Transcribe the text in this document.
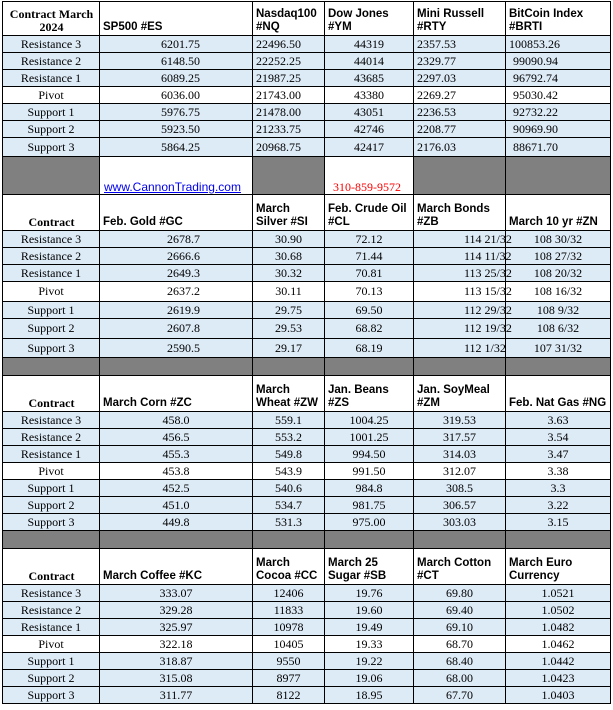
Contract March 2024	SP500 #ES	Nasdaq100 #NQ	Dow Jones #YM	Mini Russell #RTY	BitCoin Index #BRTI
Resistance 3	6201.75	22496.50	44319	2357.53	100853.26
Resistance 2	6148.50	22252.25	44014	2329.77	99090.94
Resistance 1	6089.25	21987.25	43685	2297.03	96792.74
Pivot	6036.00	21743.00	43380	2269.27	95030.42
Support 1	5976.75	21478.00	43051	2236.53	92732.22
Support 2	5923.50	21233.75	42746	2208.77	90969.90
Support 3	5864.25	20968.75	42417	2176.03	88671.70
	www.CannonTrading.com		310-859-9572		
Contract	Feb. Gold #GC	March Silver #SI	Feb. Crude Oil #CL	March Bonds #ZB	March 10 yr #ZN
Resistance 3	2678.7	30.90	72.12	114 21/32	108 30/32
Resistance 2	2666.6	30.68	71.44	114 11/32	108 27/32
Resistance 1	2649.3	30.32	70.81	113 25/32	108 20/32
Pivot	2637.2	30.11	70.13	113 15/32	108 16/32
Support 1	2619.9	29.75	69.50	112 29/32	108 9/32
Support 2	2607.8	29.53	68.82	112 19/32	108 6/32
Support 3	2590.5	29.17	68.19	112 1/32	107 31/32

Contract	March Corn #ZC	March Wheat #ZW	Jan. Beans #ZS	Jan. SoyMeal #ZM	Feb. Nat Gas #NG
Resistance 3	458.0	559.1	1004.25	319.53	3.63
Resistance 2	456.5	553.2	1001.25	317.57	3.54
Resistance 1	455.3	549.8	994.50	314.03	3.47
Pivot	453.8	543.9	991.50	312.07	3.38
Support 1	452.5	540.6	984.8	308.5	3.3
Support 2	451.0	534.7	981.75	306.57	3.22
Support 3	449.8	531.3	975.00	303.03	3.15

Contract	March Coffee #KC	March Cocoa #CC	March 25 Sugar #SB	March Cotton #CT	March Euro Currency
Resistance 3	333.07	12406	19.76	69.80	1.0521
Resistance 2	329.28	11833	19.60	69.40	1.0502
Resistance 1	325.97	10978	19.49	69.10	1.0482
Pivot	322.18	10405	19.33	68.70	1.0462
Support 1	318.87	9550	19.22	68.40	1.0442
Support 2	315.08	8977	19.06	68.00	1.0423
Support 3	311.77	8122	18.95	67.70	1.0403
